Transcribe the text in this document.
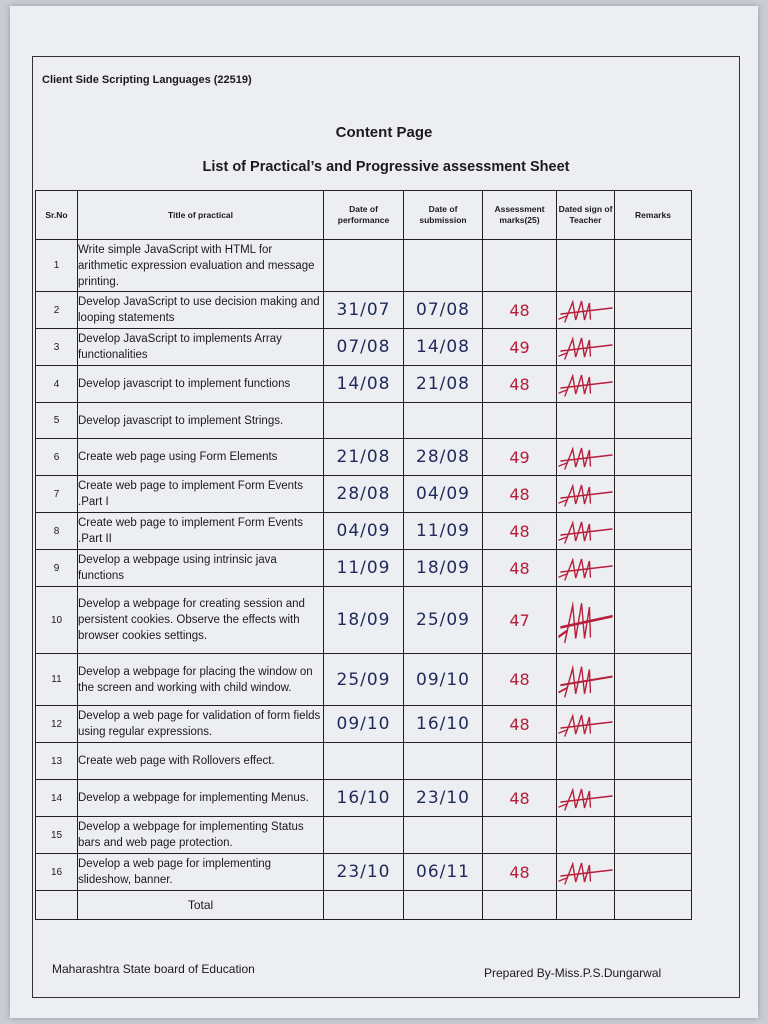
Client Side Scripting Languages (22519)
Content Page
List of Practical’s and Progressive assessment Sheet
Sr.No	Title of practical	Date of performance	Date of submission	Assessment marks(25)	Dated sign of Teacher	Remarks
1	Write simple JavaScript with HTML for arithmetic expression evaluation and message printing.					
2	Develop JavaScript to use decision making and looping statements	31/07	07/08	48	

3	Develop JavaScript to implements Array functionalities	07/08	14/08	49	

4	Develop javascript to implement functions	14/08	21/08	48	

5	Develop javascript to implement Strings.					
6	Create web page using Form Elements	21/08	28/08	49	

7	Create web page to implement Form Events .Part I	28/08	04/09	48	

8	Create web page to implement Form Events .Part II	04/09	11/09	48	

9	Develop a webpage using intrinsic java functions	11/09	18/09	48	

10	Develop a webpage for creating session and persistent cookies. Observe the effects with browser cookies settings.	18/09	25/09	47	

11	Develop a webpage for placing the window on the screen and working with child window.	25/09	09/10	48	

12	Develop a web page for validation of form fields using regular expressions.	09/10	16/10	48	

13	Create web page with Rollovers effect.					
14	Develop a webpage for implementing Menus.	16/10	23/10	48	

15	Develop a webpage for implementing Status bars and web page protection.					
16	Develop a web page for implementing slideshow, banner.	23/10	06/11	48	

	Total					
Maharashtra State board of Education	Prepared By-Miss.P.S.Dungarwal
